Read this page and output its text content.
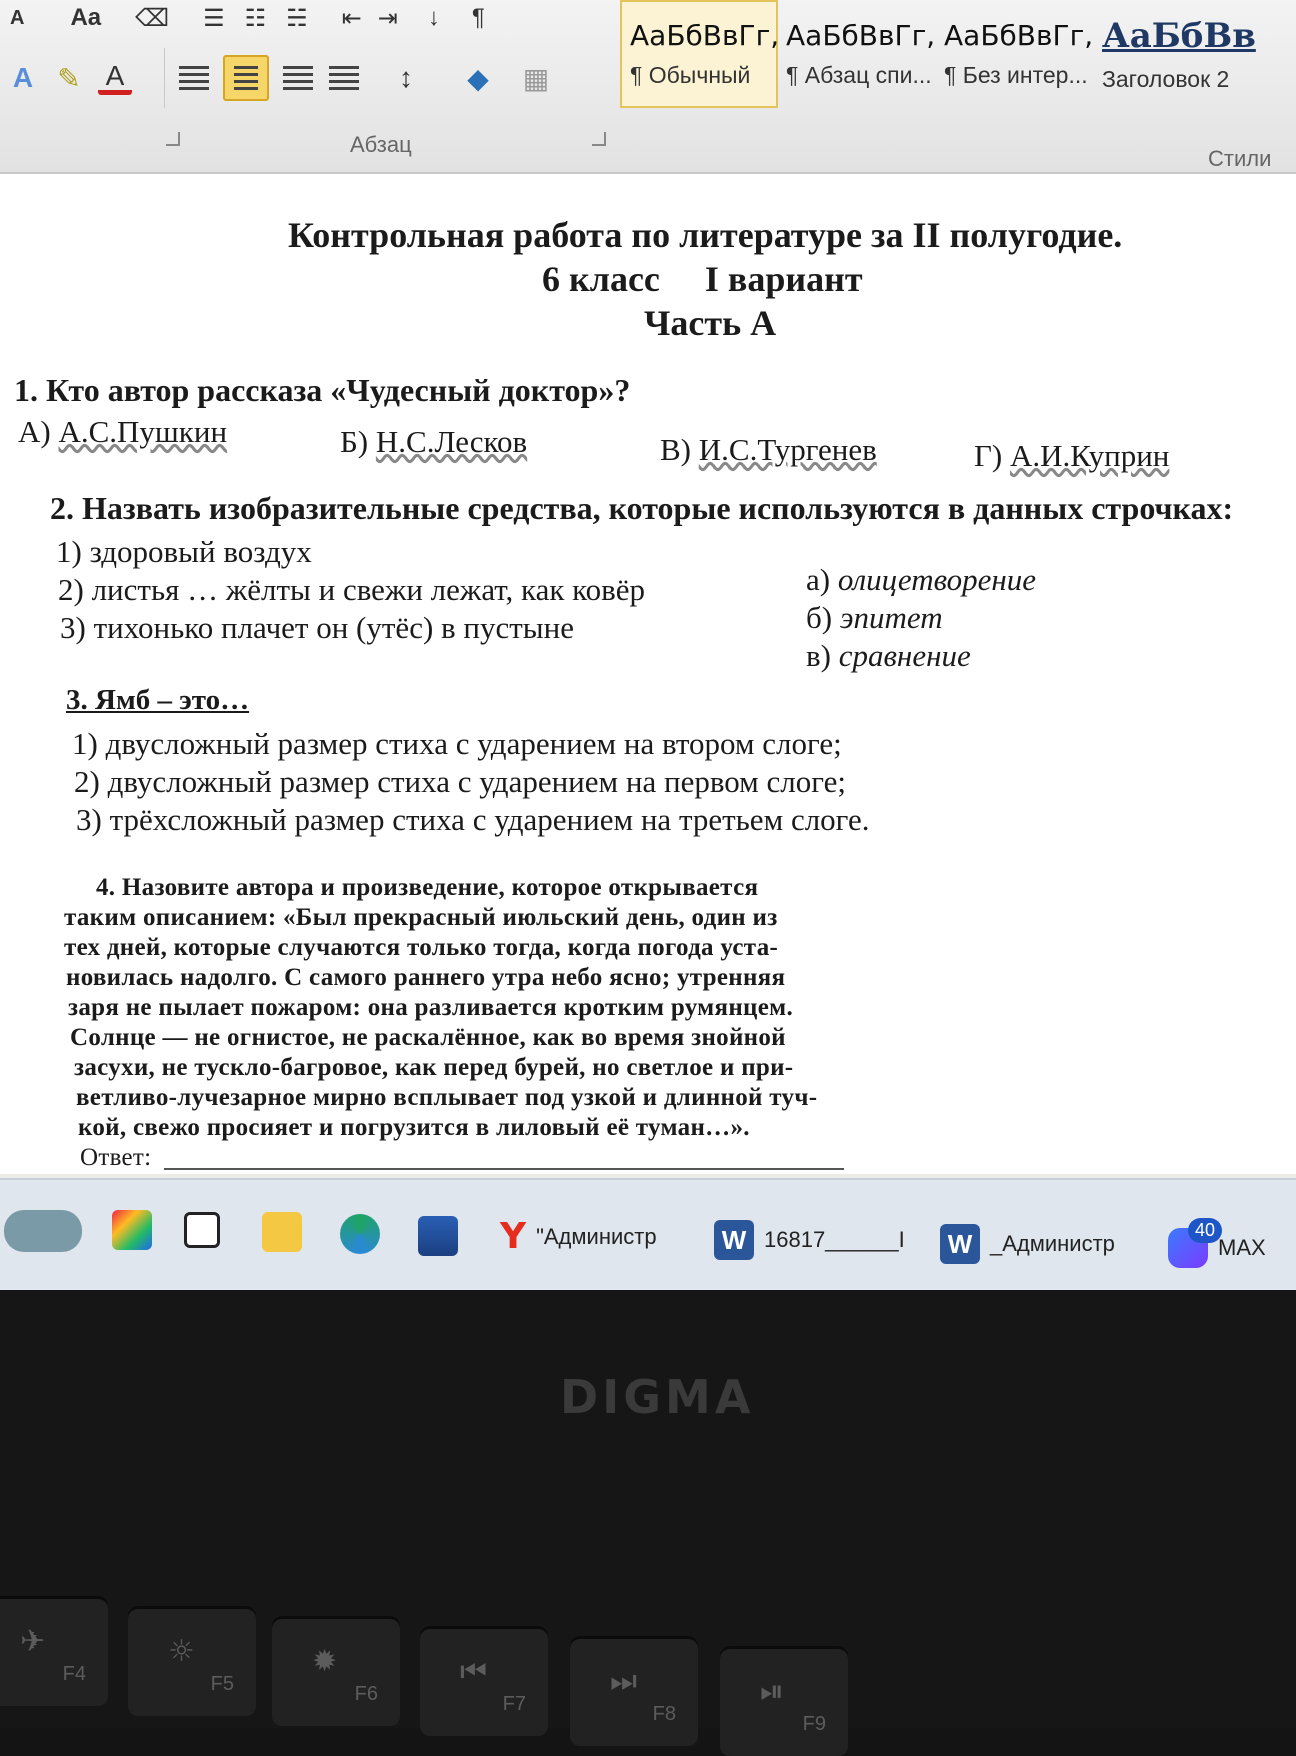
A Aa ⌫ ☰ ☷ ☵ ⇤ ⇥ ↓ ¶
A ✎ A	↕	◆ ▦
Абзац
АаБбВвГг,
¶ Обычный
АаБбВвГг,
¶ Абзац спи...
АаБбВвГг,
¶ Без интер...
АаБбВв
Заголовок 2
Стили
Контрольная работа по литературе за II полугодие.
6 класс     I вариант
Часть А
1. Кто автор рассказа «Чудесный доктор»?
А) А.С.Пушкин	Б) Н.С.Лесков	В) И.С.Тургенев	Г) А.И.Куприн
2. Назвать изобразительные средства, которые используются в данных строчках:
1) здоровый воздух
2) листья … жёлты и свежи лежат, как ковёр
3) тихонько плачет он (утёс) в пустыне
а) олицетворение
б) эпитет
в) сравнение
3. Ямб – это…
1) двусложный размер стиха с ударением на втором слоге;
2) двусложный размер стиха с ударением на первом слоге;
3) трёхсложный размер стиха с ударением на третьем слоге.
4. Назовите автора и произведение, которое открывается
таким описанием: «Был прекрасный июльский день, один из
тех дней, которые случаются только тогда, когда погода уста-
новилась надолго. С самого раннего утра небо ясно; утренняя
заря не пылает пожаром: она разливается кротким румянцем.
Солнце — не огнистое, не раскалённое, как во время знойной
засухи, не тускло-багровое, как перед бурей, но светлое и при-
ветливо-лучезарное мирно всплывает под узкой и длинной туч-
кой, свежо просияет и погрузится в лиловый её туман…».
Ответ:
Y "Администр	W 16817______I W _Администр
40
MAX
DIGMA
✈
F4
☼
F5
✹
F6
⏮
F7
⏭
F8
⏯
F9
